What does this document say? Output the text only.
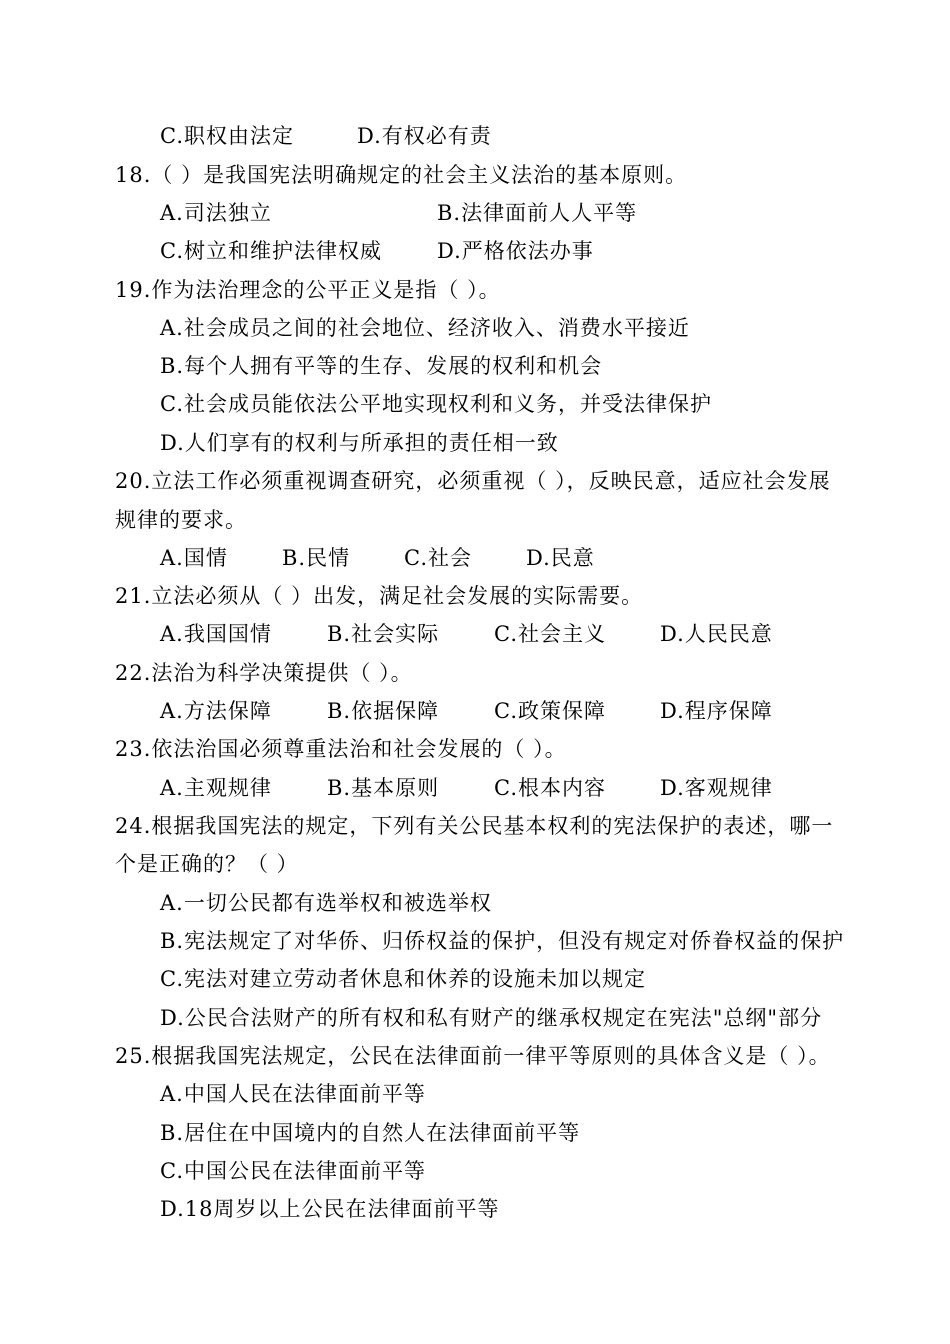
C.职权由法定	D.有权必有责
18.（ ）是我国宪法明确规定的社会主义法治的基本原则。
A.司法独立	B.法律面前人人平等
C.树立和维护法律权威	D.严格依法办事
19.作为法治理念的公平正义是指（ ）。
A.社会成员之间的社会地位、经济收入、消费水平接近
B.每个人拥有平等的生存、发展的权利和机会
C.社会成员能依法公平地实现权利和义务，并受法律保护
D.人们享有的权利与所承担的责任相一致
20.立法工作必须重视调查研究，必须重视（ ），反映民意，适应社会发展
规律的要求。
A.国情	B.民情	C.社会	D.民意
21.立法必须从（ ）出发，满足社会发展的实际需要。
A.我国国情	B.社会实际	C.社会主义	D.人民民意
22.法治为科学决策提供（ ）。
A.方法保障	B.依据保障	C.政策保障	D.程序保障
23.依法治国必须尊重法治和社会发展的（ ）。
A.主观规律	B.基本原则	C.根本内容	D.客观规律
24.根据我国宪法的规定，下列有关公民基本权利的宪法保护的表述，哪一
个是正确的？（ ）
A.一切公民都有选举权和被选举权
B.宪法规定了对华侨、归侨权益的保护，但没有规定对侨眷权益的保护
C.宪法对建立劳动者休息和休养的设施未加以规定
D.公民合法财产的所有权和私有财产的继承权规定在宪法"总纲"部分
25.根据我国宪法规定，公民在法律面前一律平等原则的具体含义是（ ）。
A.中国人民在法律面前平等
B.居住在中国境内的自然人在法律面前平等
C.中国公民在法律面前平等
D.18周岁以上公民在法律面前平等
